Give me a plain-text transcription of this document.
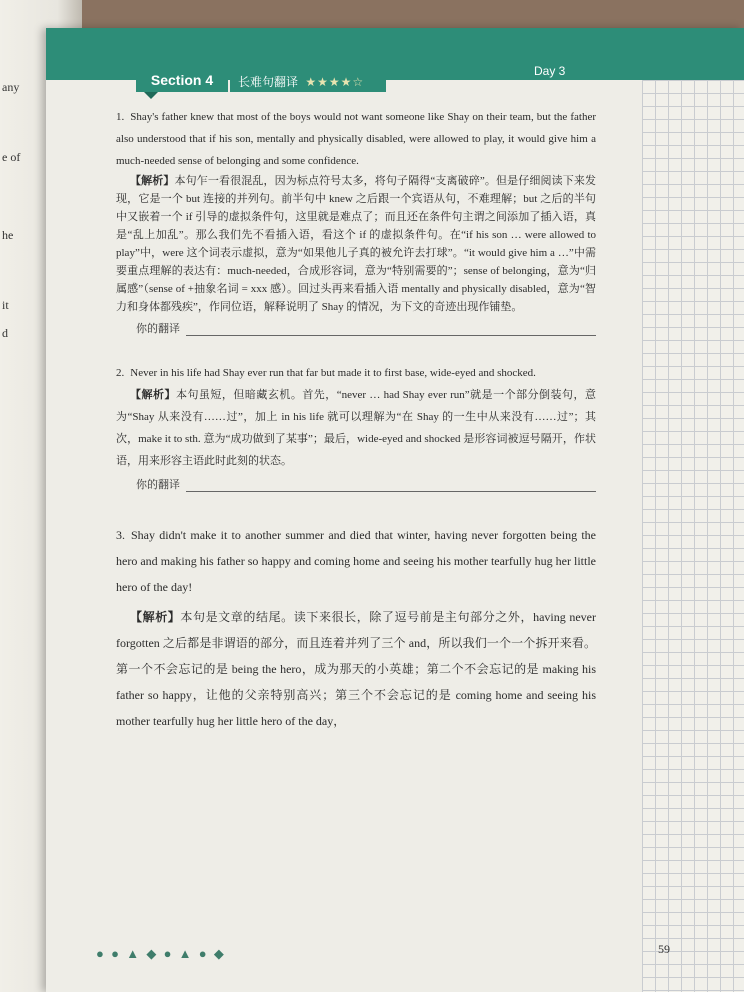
any
e of
he
it
d
Day 3
Section 4	长难句翻译 ★★★★☆

1. Shay's father knew that most of the boys would not want someone like Shay on their team, but the father also understood that if his son, mentally and physically disabled, were allowed to play, it would give him a much-needed sense of belonging and some confidence.

【解析】本句乍一看很混乱，因为标点符号太多，将句子隔得“支离破碎”。但是仔细阅读下来发现，它是一个 but 连接的并列句。前半句中 knew 之后跟一个宾语从句，不难理解；but 之后的半句中又嵌着一个 if 引导的虚拟条件句，这里就是难点了；而且还在条件句主谓之间添加了插入语，真是“乱上加乱”。那么我们先不看插入语，看这个 if 的虚拟条件句。在“if his son … were allowed to play”中，were 这个词表示虚拟，意为“如果他儿子真的被允许去打球”。“it would give him a …”中需要重点理解的表达有：much-needed，合成形容词，意为“特别需要的”；sense of belonging，意为“归属感”（sense of +抽象名词 = xxx 感）。回过头再来看插入语 mentally and physically disabled，意为“智力和身体都残疾”，作同位语，解释说明了 Shay 的情况，为下文的奇迹出现作铺垫。

你的翻译

2. Never in his life had Shay ever run that far but made it to first base, wide-eyed and shocked.

【解析】本句虽短，但暗藏玄机。首先，“never … had Shay ever run”就是一个部分倒装句，意为“Shay 从来没有……过”，加上 in his life 就可以理解为“在 Shay 的一生中从来没有……过”；其次，make it to sth. 意为“成功做到了某事”；最后，wide-eyed and shocked 是形容词被逗号隔开，作状语，用来形容主语此时此刻的状态。

你的翻译

3. Shay didn't make it to another summer and died that winter, having never forgotten being the hero and making his father so happy and coming home and seeing his mother tearfully hug her little hero of the day!

【解析】本句是文章的结尾。读下来很长，除了逗号前是主句部分之外，having never forgotten 之后都是非谓语的部分，而且连着并列了三个 and，所以我们一个一个拆开来看。第一个不会忘记的是 being the hero，成为那天的小英雄；第二个不会忘记的是 making his father so happy，让他的父亲特别高兴；第三个不会忘记的是 coming home and seeing his mother tearfully hug her little hero of the day，

● ● ▲ ◆ ● ▲ ● ◆	59
